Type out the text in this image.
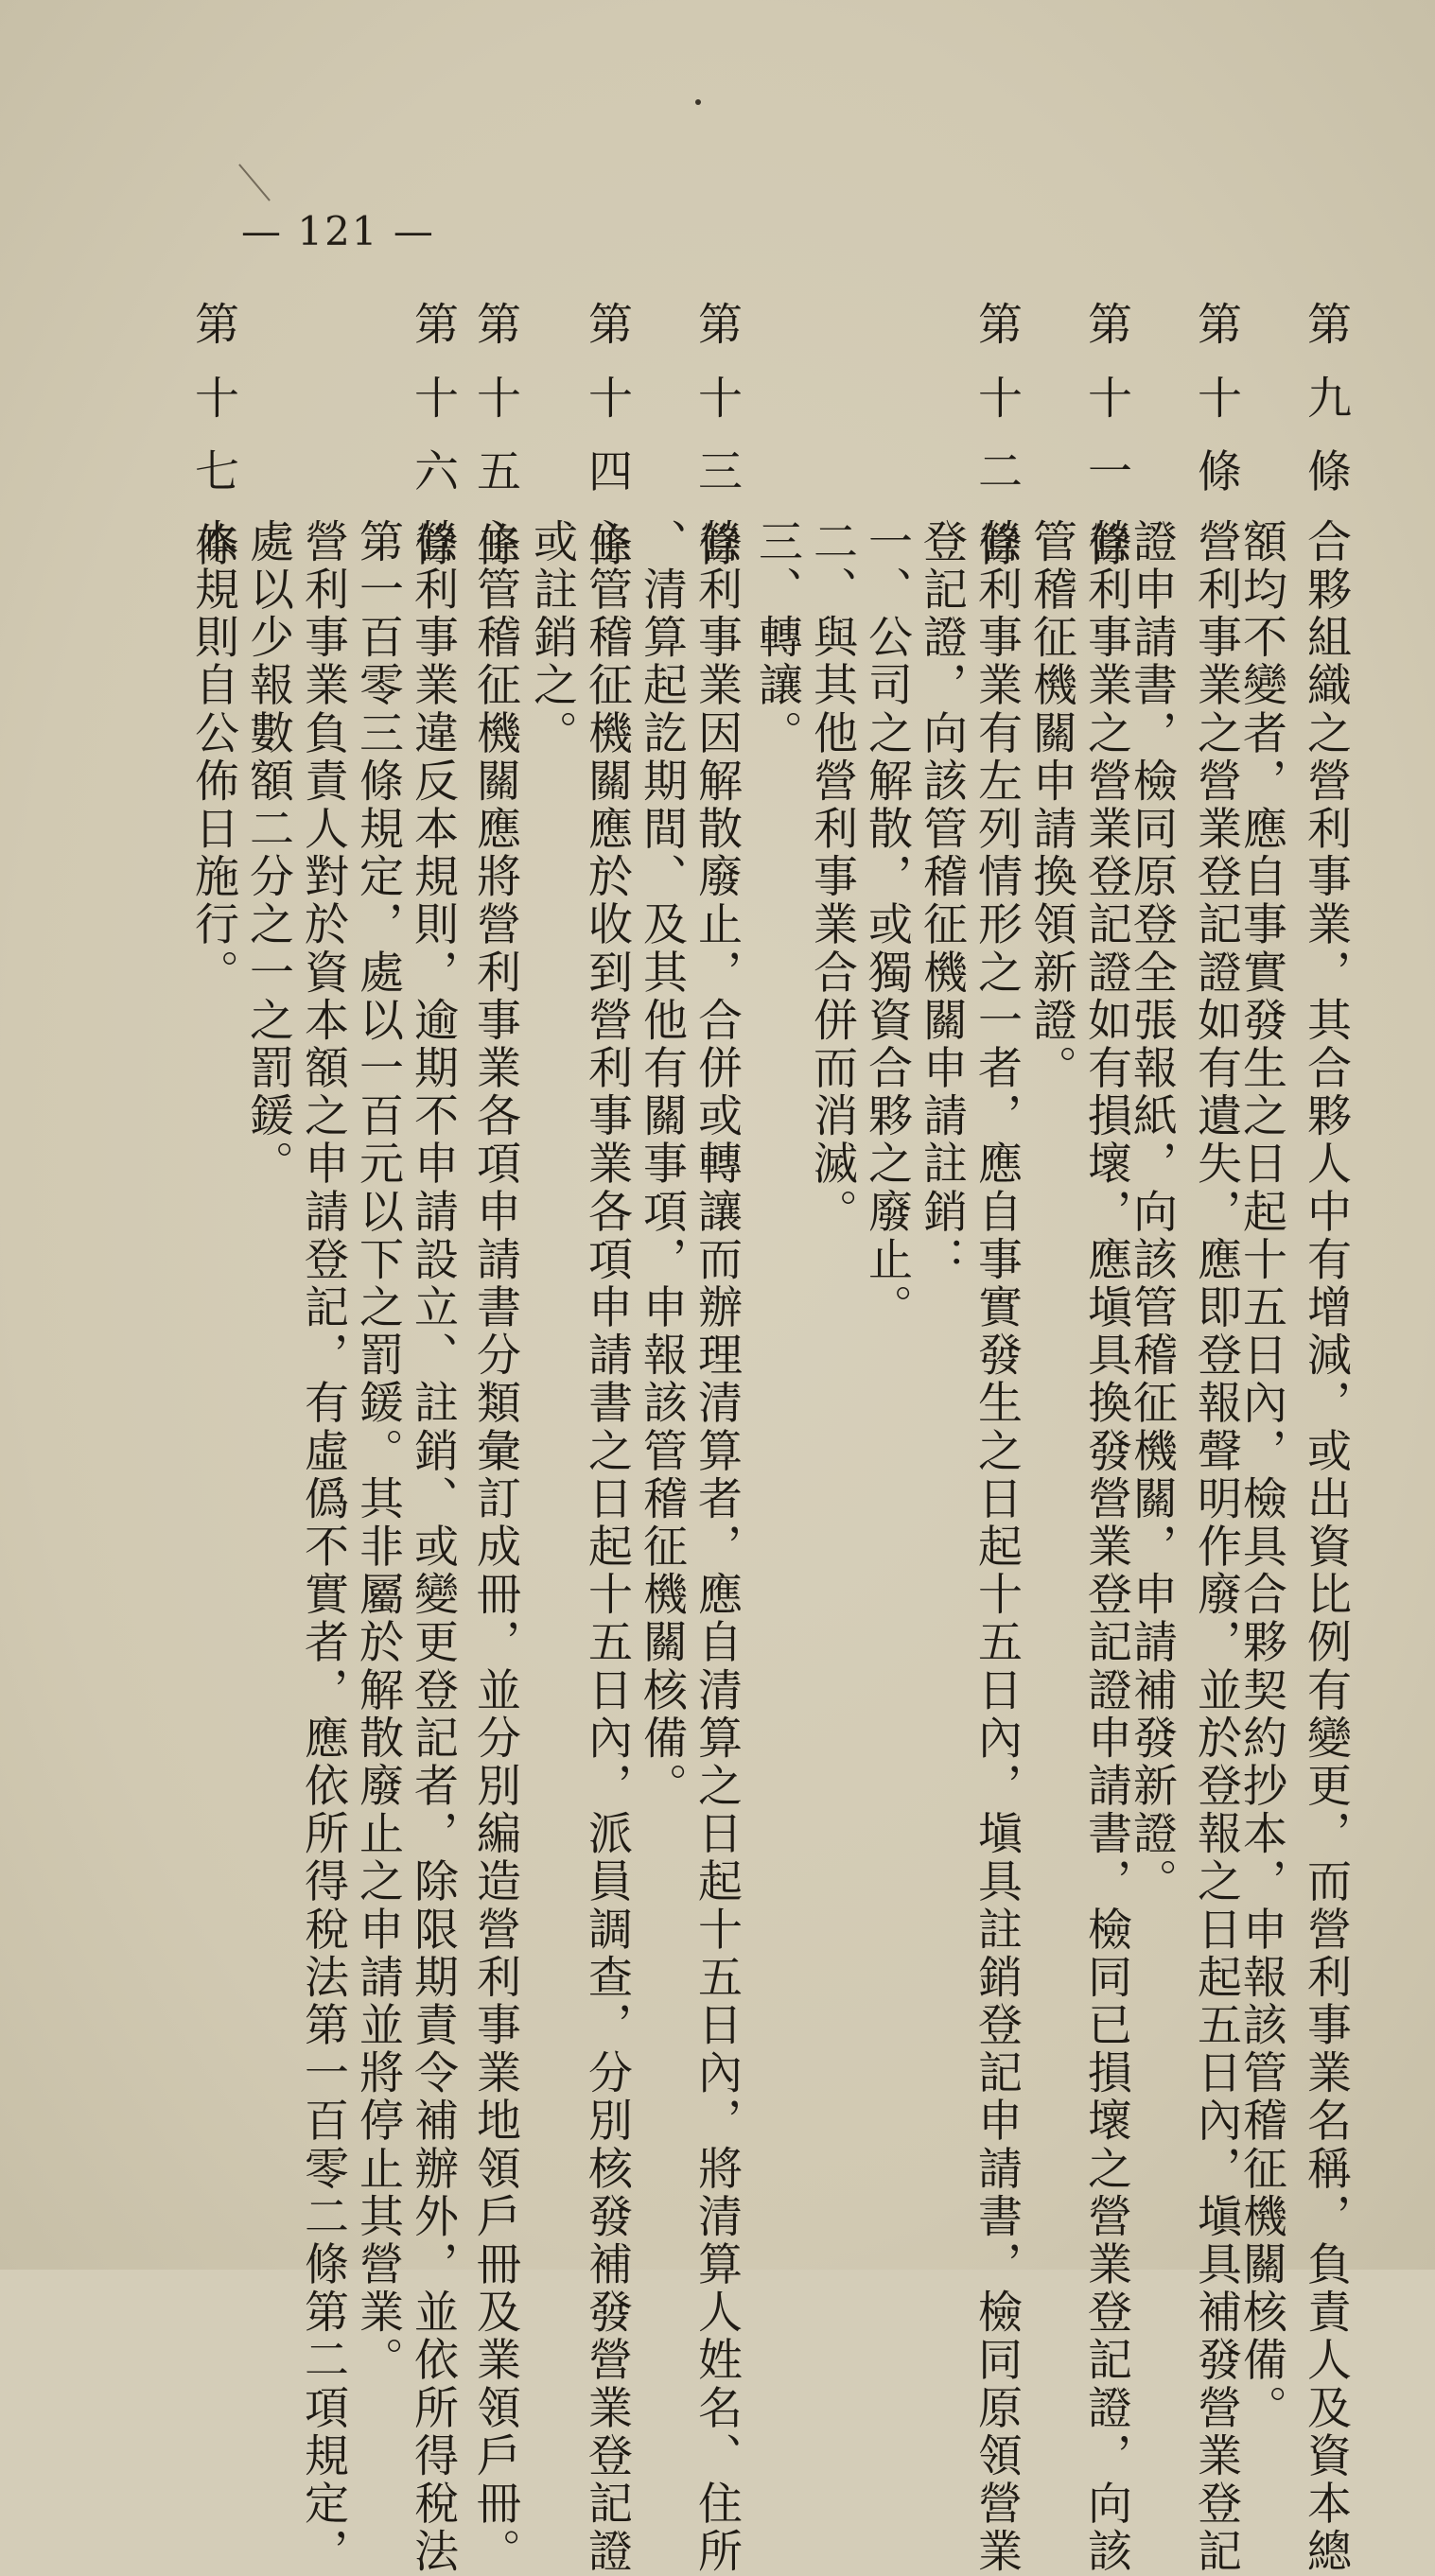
— 121 —
第 九 條
合夥組織之營利事業，其合夥人中有增減，或出資比例有變更，而營利事業名稱，負責人及資本總
額均不變者，應自事實發生之日起十五日內，檢具合夥契約抄本，申報該管稽征機關核備。
第 十 條
營利事業之營業登記證如有遺失，應即登報聲明作廢，並於登報之日起五日內，塡具補發營業登記
證申請書，檢同原登全張報紙，向該管稽征機關，申請補發新證。
第 十 一 條
營利事業之營業登記證如有損壞，應塡具換發營業登記證申請書，檢同已損壞之營業登記證，向該
管稽征機關申請換領新證。
第 十 二 條
營利事業有左列情形之一者，應自事實發生之日起十五日內，塡具註銷登記申請書，檢同原領營業
登記證，向該管稽征機關申請註銷：
一、公司之解散，或獨資合夥之廢止。
二、與其他營利事業合併而消滅。
三、轉讓。
第 十 三 條
營利事業因解散廢止，合併或轉讓而辦理清算者，應自清算之日起十五日內，將清算人姓名、住所
、清算起訖期間、及其他有關事項，申報該管稽征機關核備。
第 十 四 條
主管稽征機關應於收到營利事業各項申請書之日起十五日內，派員調查，分別核發補發營業登記證
或註銷之。
第 十 五 條
主管稽征機關應將營利事業各項申請書分類彙訂成冊，並分別編造營利事業地領戶冊及業領戶冊。
第 十 六 條
營利事業違反本規則，逾期不申請設立、註銷、或變更登記者，除限期責令補辦外，並依所得稅法
第一百零三條規定，處以一百元以下之罰鍰。其非屬於解散廢止之申請並將停止其營業。
營利事業負責人對於資本額之申請登記，有虛僞不實者，應依所得稅法第一百零二條第二項規定，
處以少報數額二分之一之罰鍰。
第 十 七 條
本規則自公佈日施行。
